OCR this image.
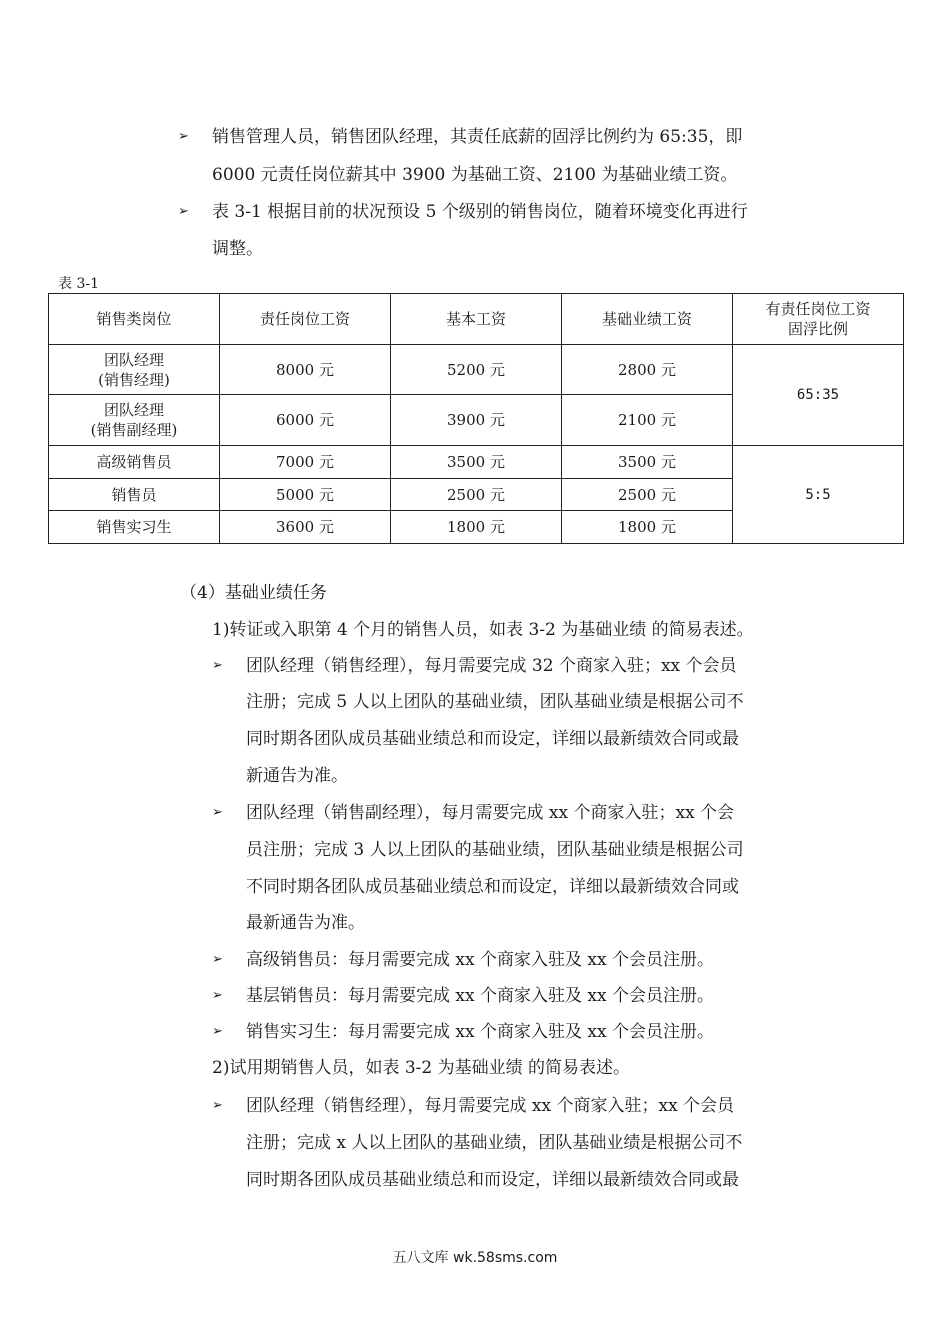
➢ 销售管理人员，销售团队经理，其责任底薪的固浮比例约为 65:35，即
6000 元责任岗位薪其中 3900 为基础工资、2100 为基础业绩工资。
➢ 表 3-1 根据目前的状况预设 5 个级别的销售岗位，随着环境变化再进行
调整。
表 3-1
销售类岗位	责任岗位工资	基本工资	基础业绩工资	有责任岗位工资
固浮比例

团队经理
(销售经理)	8000 元	5200 元	2800 元	65:35

团队经理
(销售副经理)	6000 元	3900 元	2100 元	
高级销售员	7000 元	3500 元	3500 元	5:5
销售员	5000 元	2500 元	2500 元	
销售实习生	3600 元	1800 元	1800 元	
（4）基础业绩任务
1)转证或入职第 4 个月的销售人员，如表 3-2 为基础业绩 的简易表述。
➢ 团队经理（销售经理），每月需要完成 32 个商家入驻；xx 个会员
注册；完成 5 人以上团队的基础业绩，团队基础业绩是根据公司不
同时期各团队成员基础业绩总和而设定，详细以最新绩效合同或最
新通告为准。
➢ 团队经理（销售副经理），每月需要完成 xx 个商家入驻；xx 个会
员注册；完成 3 人以上团队的基础业绩，团队基础业绩是根据公司
不同时期各团队成员基础业绩总和而设定，详细以最新绩效合同或
最新通告为准。
➢ 高级销售员：每月需要完成 xx 个商家入驻及 xx 个会员注册。
➢ 基层销售员：每月需要完成 xx 个商家入驻及 xx 个会员注册。
➢ 销售实习生：每月需要完成 xx 个商家入驻及 xx 个会员注册。
2)试用期销售人员，如表 3-2 为基础业绩 的简易表述。
➢ 团队经理（销售经理），每月需要完成 xx 个商家入驻；xx 个会员
注册；完成 x 人以上团队的基础业绩，团队基础业绩是根据公司不
同时期各团队成员基础业绩总和而设定，详细以最新绩效合同或最
五八文库 wk.58sms.com
